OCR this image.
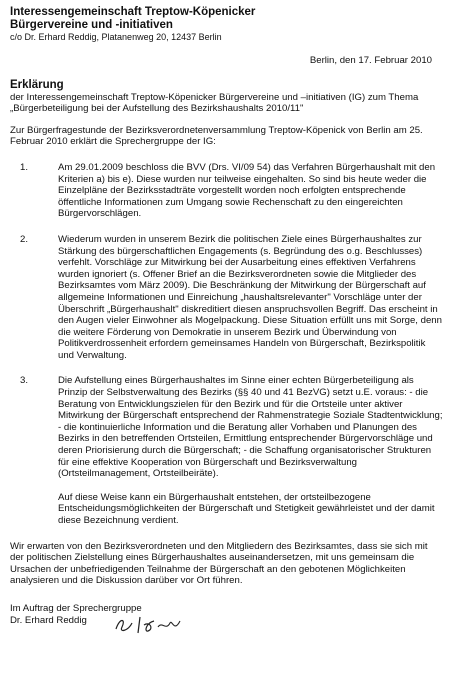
Interessengemeinschaft Treptow-Köpenicker
Bürgervereine und -initiativen
c/o Dr. Erhard Reddig, Platanenweg 20, 12437 Berlin
Berlin, den 17. Februar 2010
Erklärung

der Interessengemeinschaft Treptow-Köpenicker Bürgervereine und –initiativen (IG) zum Thema „Bürgerbeteiligung bei der Aufstellung des Bezirkshaushalts 2010/11"

Zur Bürgerfragestunde der Bezirksverordnetenversammlung Treptow-Köpenick von Berlin am 25. Februar 2010 erklärt die Sprechergruppe der IG:

1.	Am 29.01.2009 beschloss die BVV (Drs. VI/09 54) das Verfahren Bürgerhaushalt mit den Kriterien a) bis e). Diese wurden nur teilweise eingehalten. So sind bis heute weder die Einzelpläne der Bezirksstadträte vorgestellt worden noch erfolgten entsprechende öffentliche Informationen zum Umgang sowie Rechenschaft zu den eingereichten Bürgervorschlägen.
2.	Wiederum wurden in unserem Bezirk die politischen Ziele eines Bürgerhaushaltes zur Stärkung des bürgerschaftlichen Engagements (s. Begründung des o.g. Beschlusses) verfehlt. Vorschläge zur Mitwirkung bei der Ausarbeitung eines effektiven Verfahrens wurden ignoriert (s. Offener Brief an die Bezirksverordneten sowie die Mitglieder des Bezirksamtes vom März 2009). Die Beschränkung der Mitwirkung der Bürgerschaft auf allgemeine Informationen und Einreichung „haushaltsrelevanter" Vorschläge unter der Überschrift „Bürgerhaushalt" diskreditiert diesen anspruchsvollen Begriff. Das erscheint in den Augen vieler Einwohner als Mogelpackung. Diese Situation erfüllt uns mit Sorge, denn die weitere Förderung von Demokratie in unserem Bezirk und Überwindung von Politikverdrossenheit erfordern gemeinsames Handeln von Bürgerschaft, Bezirkspolitik und Verwaltung.
3.	Die Aufstellung eines Bürgerhaushaltes im Sinne einer echten Bürgerbeteiligung als Prinzip der Selbstverwaltung des Bezirks (§§ 40 und 41 BezVG) setzt u.E. voraus: - die Beratung von Entwicklungszielen für den Bezirk und für die Ortsteile unter aktiver Mitwirkung der Bürgerschaft entsprechend der Rahmenstrategie Soziale Stadtentwicklung; - die kontinuierliche Information und die Beratung aller Vorhaben und Planungen des Bezirks in den betreffenden Ortsteilen, Ermittlung entsprechender Bürgervorschläge und deren Priorisierung durch die Bürgerschaft; - die Schaffung organisatorischer Strukturen für eine effektive Kooperation von Bürgerschaft und Bezirksverwaltung (Ortsteilmanagement, Ortsteilbeiräte).
Auf diese Weise kann ein Bürgerhaushalt entstehen, der ortsteilbezogene Entscheidungsmöglichkeiten der Bürgerschaft und Stetigkeit gewährleistet und der damit diese Bezeichnung verdient.

Wir erwarten von den Bezirksverordneten und den Mitgliedern des Bezirksamtes, dass sie sich mit der politischen Zielstellung eines Bürgerhaushaltes auseinandersetzen, mit uns gemeinsam die Ursachen der unbefriedigenden Teilnahme der Bürgerschaft an den gebotenen Möglichkeiten analysieren und die Diskussion darüber vor Ort führen.

Im Auftrag der Sprechergruppe
Dr. Erhard Reddig
